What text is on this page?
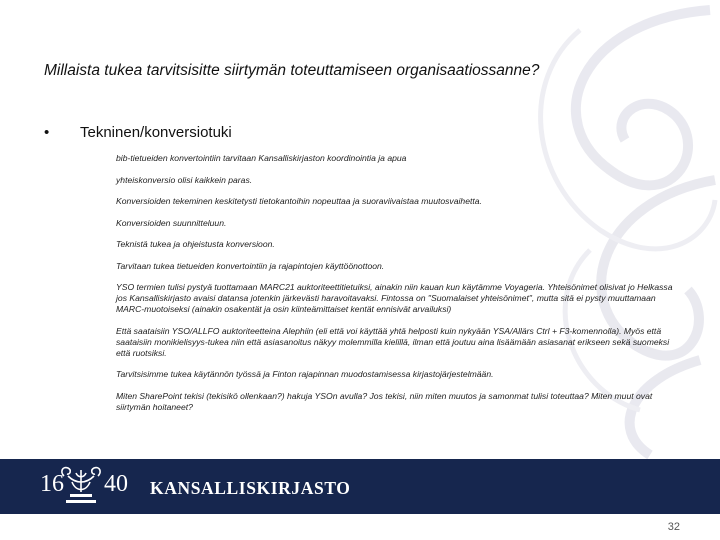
Millaista tukea tarvitsisitte siirtymän toteuttamiseen organisaatiossanne?
• Tekninen/konversiotuki

bib-tietueiden konvertointiin tarvitaan Kansalliskirjaston koordinointia ja apua

yhteiskonversio olisi kaikkein paras.

Konversioiden tekeminen keskitetysti tietokantoihin nopeuttaa ja suoraviivaistaa muutosvaihetta.

Konversioiden suunnitteluun.

Teknistä tukea ja ohjeistusta konversioon.

Tarvitaan tukea tietueiden konvertointiin ja rajapintojen käyttöönottoon.

YSO termien tulisi pystyä tuottamaan MARC21 auktoriteettitietuiksi, ainakin niin kauan kun käytämme Voyageria. Yhteisönimet olisivat jo Helkassa jos Kansalliskirjasto avaisi datansa jotenkin järkevästi haravoitavaksi. Fintossa on "Suomalaiset yhteisönimet", mutta sitä ei pysty muuttamaan MARC-muotoiseksi (ainakin osakentät ja osin kiinteämittaiset kentät ennisivät arvailuksi)

Että saataisiin YSO/ALLFO auktoriteetteina Alephiin (eli että voi käyttää yhtä helposti kuin nykyään YSA/Allärs Ctrl + F3-komennolla). Myös että saataisiin monikielisyys-tukea niin että asiasanoitus näkyy molemmilla kielillä, ilman että joutuu aina lisäämään asiasanat erikseen sekä suomeksi että ruotsiksi.

Tarvitsisimme tukea käytännön työssä ja Finton rajapinnan muodostamisessa kirjastojärjestelmään.

Miten SharePoint tekisi (tekisikö ollenkaan?) hakuja YSOn avulla? Jos tekisi, niin miten muutos ja samonmat tulisi toteuttaa? Miten muut ovat siirtymän hoitaneet?

16 40 KANSALLISKIRJASTO
32
